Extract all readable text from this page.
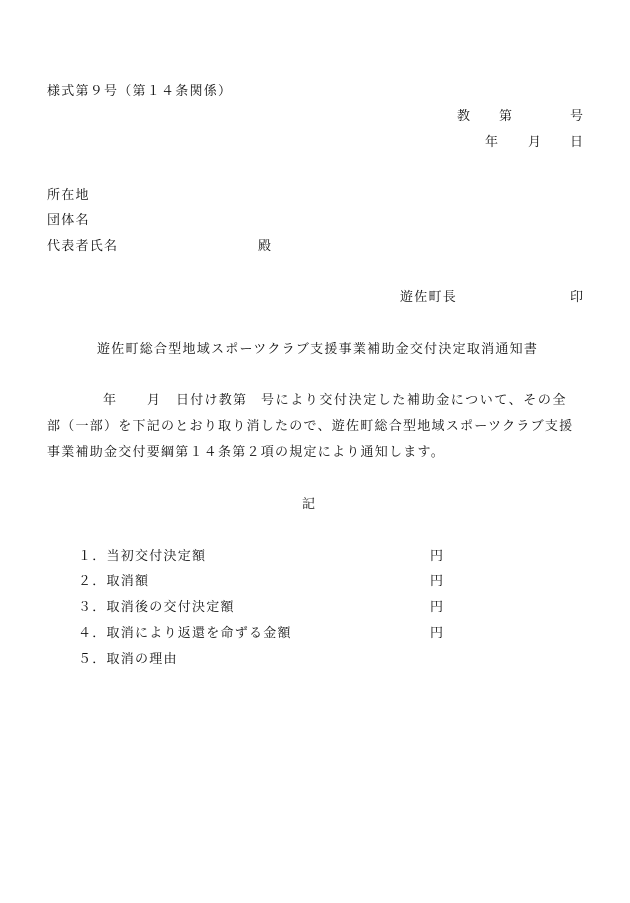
様式第９号（第１４条関係）
教 第	号
年 月 日
所在地
団体名
代表者氏名	殿
遊佐町長	印
遊佐町総合型地域スポーツクラブ支援事業補助金交付決定取消通知書
年 月 日付け教第 号により交付決定した補助金について、その全
部（一部）を下記のとおり取り消したので、遊佐町総合型地域スポーツクラブ支援
事業補助金交付要綱第１４条第２項の規定により通知します。
記
１．当初交付決定額	円
２．取消額	円
３．取消後の交付決定額	円
４．取消により返還を命ずる金額	円
５．取消の理由
